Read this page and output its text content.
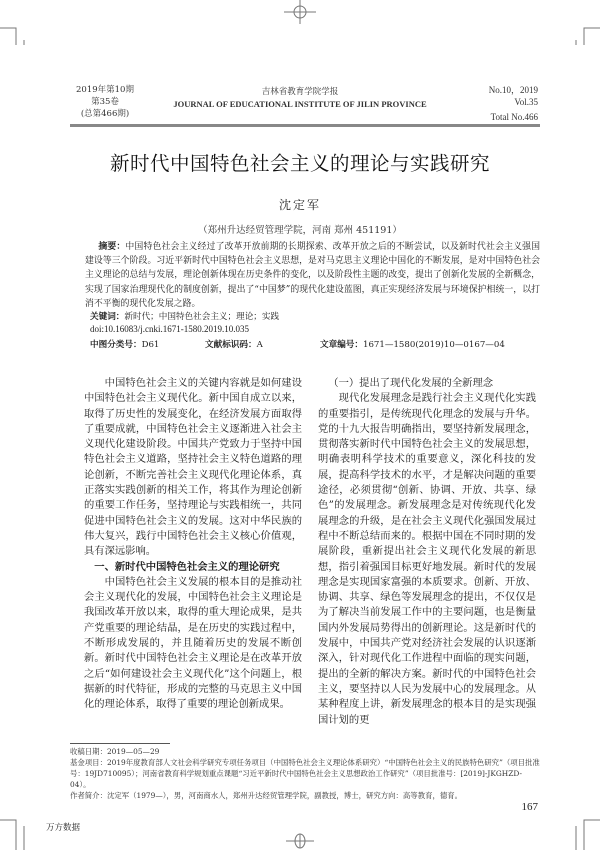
2019年第10期
第35卷
(总第466期)
吉林省教育学院学报
JOURNAL OF EDUCATIONAL INSTITUTE OF JILIN PROVINCE
No.10，2019
Vol.35
Total No.466
新时代中国特色社会主义的理论与实践研究
沈定军
（郑州升达经贸管理学院，河南 郑州 451191）
摘要：中国特色社会主义经过了改革开放前期的长期探索、改革开放之后的不断尝试，以及新时代社会主义强国建设等三个阶段。习近平新时代中国特色社会主义思想，是对马克思主义理论中国化的不断发展，是对中国特色社会主义理论的总结与发展，理论创新体现在历史条件的变化，以及阶段性主题的改变，提出了创新化发展的全新概念，实现了国家治理现代化的制度创新，提出了“中国梦”的现代化建设蓝图，真正实现经济发展与环境保护相统一，以打消不平衡的现代化发展之路。
关键词：新时代；中国特色社会主义；理论；实践
doi:10.16083/j.cnki.1671-1580.2019.10.035
中图分类号：D61	文献标识码：A	文章编号：1671—1580(2019)10—0167—04

中国特色社会主义的关键内容就是如何建设中国特色社会主义现代化。新中国自成立以来，取得了历史性的发展变化，在经济发展方面取得了重要成就，中国特色社会主义逐渐进入社会主义现代化建设阶段。中国共产党致力于坚持中国特色社会主义道路，坚持社会主义特色道路的理论创新，不断完善社会主义现代化理论体系，真正落实实践创新的相关工作，将其作为理论创新的重要工作任务，坚持理论与实践相统一，共同促进中国特色社会主义的发展。这对中华民族的伟大复兴，践行中国特色社会主义核心价值观，具有深远影响。

一、新时代中国特色社会主义的理论研究

中国特色社会主义发展的根本目的是推动社会主义现代化的发展，中国特色社会主义理论是我国改革开放以来，取得的重大理论成果，是共产党重要的理论结晶，是在历史的实践过程中，不断形成发展的，并且随着历史的发展不断创新。新时代中国特色社会主义理论是在改革开放之后“如何建设社会主义现代化”这个问题上，根据新的时代特征，形成的完整的马克思主义中国化的理论体系，取得了重要的理论创新成果。

（一）提出了现代化发展的全新理念

现代化发展理念是践行社会主义现代化实践的重要指引，是传统现代化理念的发展与升华。党的十九大报告明确指出，要坚持新发展理念，贯彻落实新时代中国特色社会主义的发展思想，明确表明科学技术的重要意义，深化科技的发展，提高科学技术的水平，才是解决问题的重要途径，必须贯彻“创新、协调、开放、共享、绿色”的发展理念。新发展理念是对传统现代化发展理念的升级，是在社会主义现代化强国发展过程中不断总结而来的。根据中国在不同时期的发展阶段，重新提出社会主义现代化发展的新思想，指引着强国目标更好地发展。新时代的发展理念是实现国家富强的本质要求。创新、开放、协调、共享、绿色等发展理念的提出，不仅仅是为了解决当前发展工作中的主要问题，也是衡量国内外发展局势得出的创新理论。这是新时代的发展中，中国共产党对经济社会发展的认识逐渐深入，针对现代化工作进程中面临的现实问题，提出的全新的解决方案。新时代的中国特色社会主义，要坚持以人民为发展中心的发展理念。从某种程度上讲，新发展理念的根本目的是实现强国计划的更

收稿日期：2019—05—29
基金项目：2019年度教育部人文社会科学研究专项任务项目（中国特色社会主义理论体系研究）“中国特色社会主义的民族特色研究”（项目批准号：19JD710095）；河南省教育科学规划重点课题“习近平新时代中国特色社会主义思想政治工作研究”（项目批准号：[2019]-JKGHZD-04）。
作者简介：沈定军（1979—），男，河南商水人，郑州升达经贸管理学院，副教授，博士，研究方向：高等教育，德育。
167
万方数据
